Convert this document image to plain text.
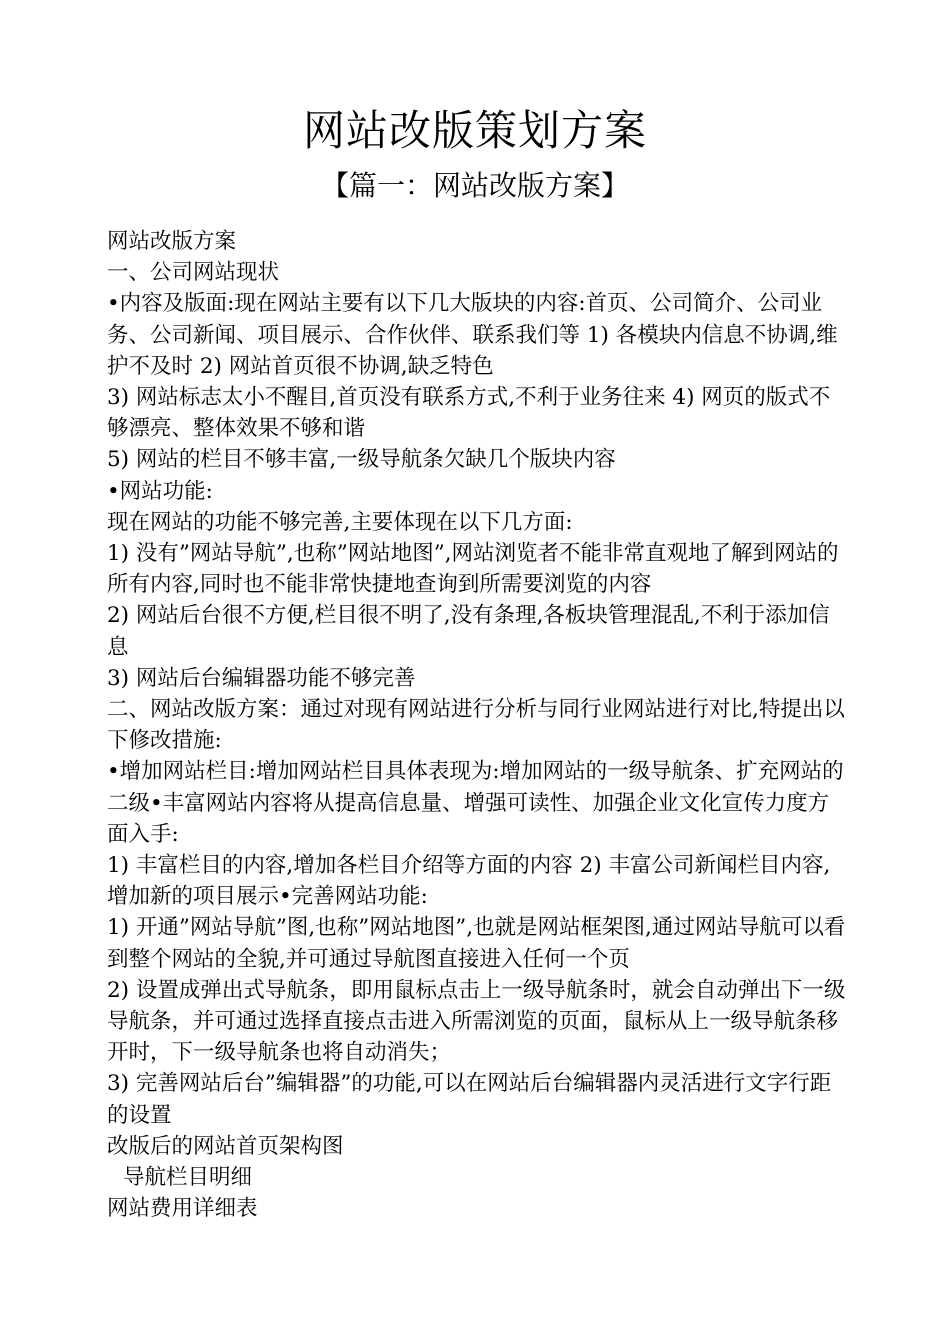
网站改版策划方案
【篇一：网站改版方案】

网站改版方案

一、公司网站现状

•内容及版面:现在网站主要有以下几大版块的内容:首页、公司简介、公司业务、公司新闻、项目展示、合作伙伴、联系我们等 1) 各模块内信息不协调,维护不及时 2) 网站首页很不协调,缺乏特色

3) 网站标志太小不醒目,首页没有联系方式,不利于业务往来 4) 网页的版式不够漂亮、整体效果不够和谐

5) 网站的栏目不够丰富,一级导航条欠缺几个版块内容

•网站功能:

现在网站的功能不够完善,主要体现在以下几方面:

1) 没有”网站导航”,也称”网站地图”,网站浏览者不能非常直观地了解到网站的所有内容,同时也不能非常快捷地查询到所需要浏览的内容

2) 网站后台很不方便,栏目很不明了,没有条理,各板块管理混乱,不利于添加信息

3) 网站后台编辑器功能不够完善

二、网站改版方案：通过对现有网站进行分析与同行业网站进行对比,特提出以下修改措施:

•增加网站栏目:增加网站栏目具体表现为:增加网站的一级导航条、扩充网站的二级•丰富网站内容将从提高信息量、增强可读性、加强企业文化宣传力度方面入手:

1) 丰富栏目的内容,增加各栏目介绍等方面的内容 2) 丰富公司新闻栏目内容,增加新的项目展示•完善网站功能:

1) 开通”网站导航”图,也称”网站地图”,也就是网站框架图,通过网站导航可以看到整个网站的全貌,并可通过导航图直接进入任何一个页

2) 设置成弹出式导航条，即用鼠标点击上一级导航条时，就会自动弹出下一级导航条，并可通过选择直接点击进入所需浏览的页面，鼠标从上一级导航条移开时，下一级导航条也将自动消失；

3) 完善网站后台”编辑器”的功能,可以在网站后台编辑器内灵活进行文字行距的设置

改版后的网站首页架构图

导航栏目明细

网站费用详细表
